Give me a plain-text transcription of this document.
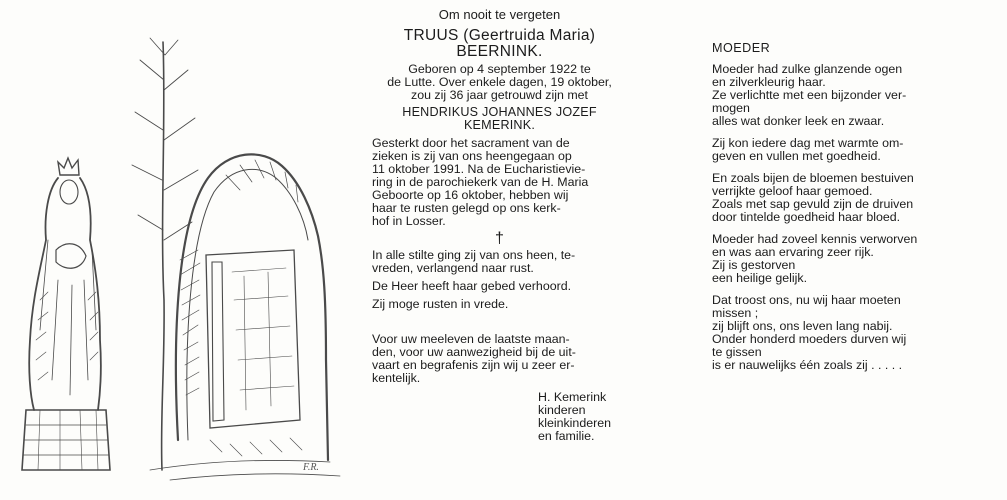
F.R.
Om nooit te vergeten
TRUUS (Geertruida Maria)
BEERNINK.
Geboren op 4 september 1922 te
de Lutte. Over enkele dagen, 19 oktober,
zou zij 36 jaar getrouwd zijn met
HENDRIKUS JOHANNES JOZEF
KEMERINK.
Gesterkt door het sacrament van de
zieken is zij van ons heengegaan op
11 oktober 1991. Na de Eucharistievie-
ring in de parochiekerk van de H. Maria
Geboorte op 16 oktober, hebben wij
haar te rusten gelegd op ons kerk-
hof in Losser.
†
In alle stilte ging zij van ons heen, te-
vreden, verlangend naar rust.
De Heer heeft haar gebed verhoord.
Zij moge rusten in vrede.
Voor uw meeleven de laatste maan-
den, voor uw aanwezigheid bij de uit-
vaart en begrafenis zijn wij u zeer er-
kentelijk.
H. Kemerink
kinderen
kleinkinderen
en familie.
MOEDER
Moeder had zulke glanzende ogen
en zilverkleurig haar.
Ze verlichtte met een bijzonder ver-
mogen
alles wat donker leek en zwaar.
Zij kon iedere dag met warmte om-
geven en vullen met goedheid.
En zoals bijen de bloemen bestuiven
verrijkte geloof haar gemoed.
Zoals met sap gevuld zijn de druiven
door tintelde goedheid haar bloed.
Moeder had zoveel kennis verworven
en was aan ervaring zeer rijk.
Zij is gestorven
een heilige gelijk.
Dat troost ons, nu wij haar moeten
missen ;
zij blijft ons, ons leven lang nabij.
Onder honderd moeders durven wij
te gissen
is er nauwelijks één zoals zij . . . . .
